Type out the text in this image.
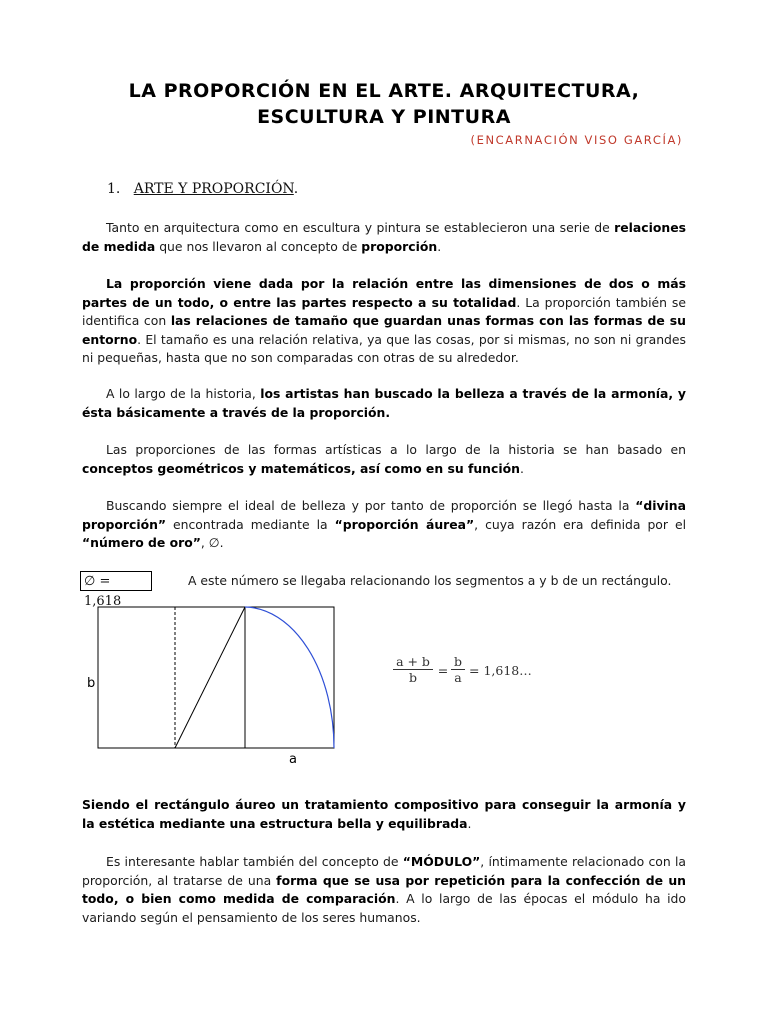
LA PROPORCIÓN EN EL ARTE. ARQUITECTURA,
ESCULTURA Y PINTURA
(ENCARNACIÓN VISO GARCÍA)
1. ARTE Y PROPORCIÓN.
Tanto en arquitectura como en escultura y pintura se establecieron una serie de relaciones de medida que nos llevaron al concepto de proporción.
La proporción viene dada por la relación entre las dimensiones de dos o más partes de un todo, o entre las partes respecto a su totalidad. La proporción también se identifica con las relaciones de tamaño que guardan unas formas con las formas de su entorno. El tamaño es una relación relativa, ya que las cosas, por si mismas, no son ni grandes ni pequeñas, hasta que no son comparadas con otras de su alrededor.
A lo largo de la historia, los artistas han buscado la belleza a través de la armonía, y ésta básicamente a través de la proporción.
Las proporciones de las formas artísticas a lo largo de la historia se han basado en conceptos geométricos y matemáticos, así como en su función.
Buscando siempre el ideal de belleza y por tanto de proporción se llegó hasta la “divina proporción” encontrada mediante la “proporción áurea”, cuya razón era definida por el “número de oro”, ∅.
∅ = 1,618
A este número se llegaba relacionando los segmentos a y b de un rectángulo.
b
a
a + b
b	=
b
a = 1,618…
Siendo el rectángulo áureo un tratamiento compositivo para conseguir la armonía y la estética mediante una estructura bella y equilibrada.
Es interesante hablar también del concepto de “MÓDULO”, íntimamente relacionado con la proporción, al tratarse de una forma que se usa por repetición para la confección de un todo, o bien como medida de comparación. A lo largo de las épocas el módulo ha ido variando según el pensamiento de los seres humanos.
